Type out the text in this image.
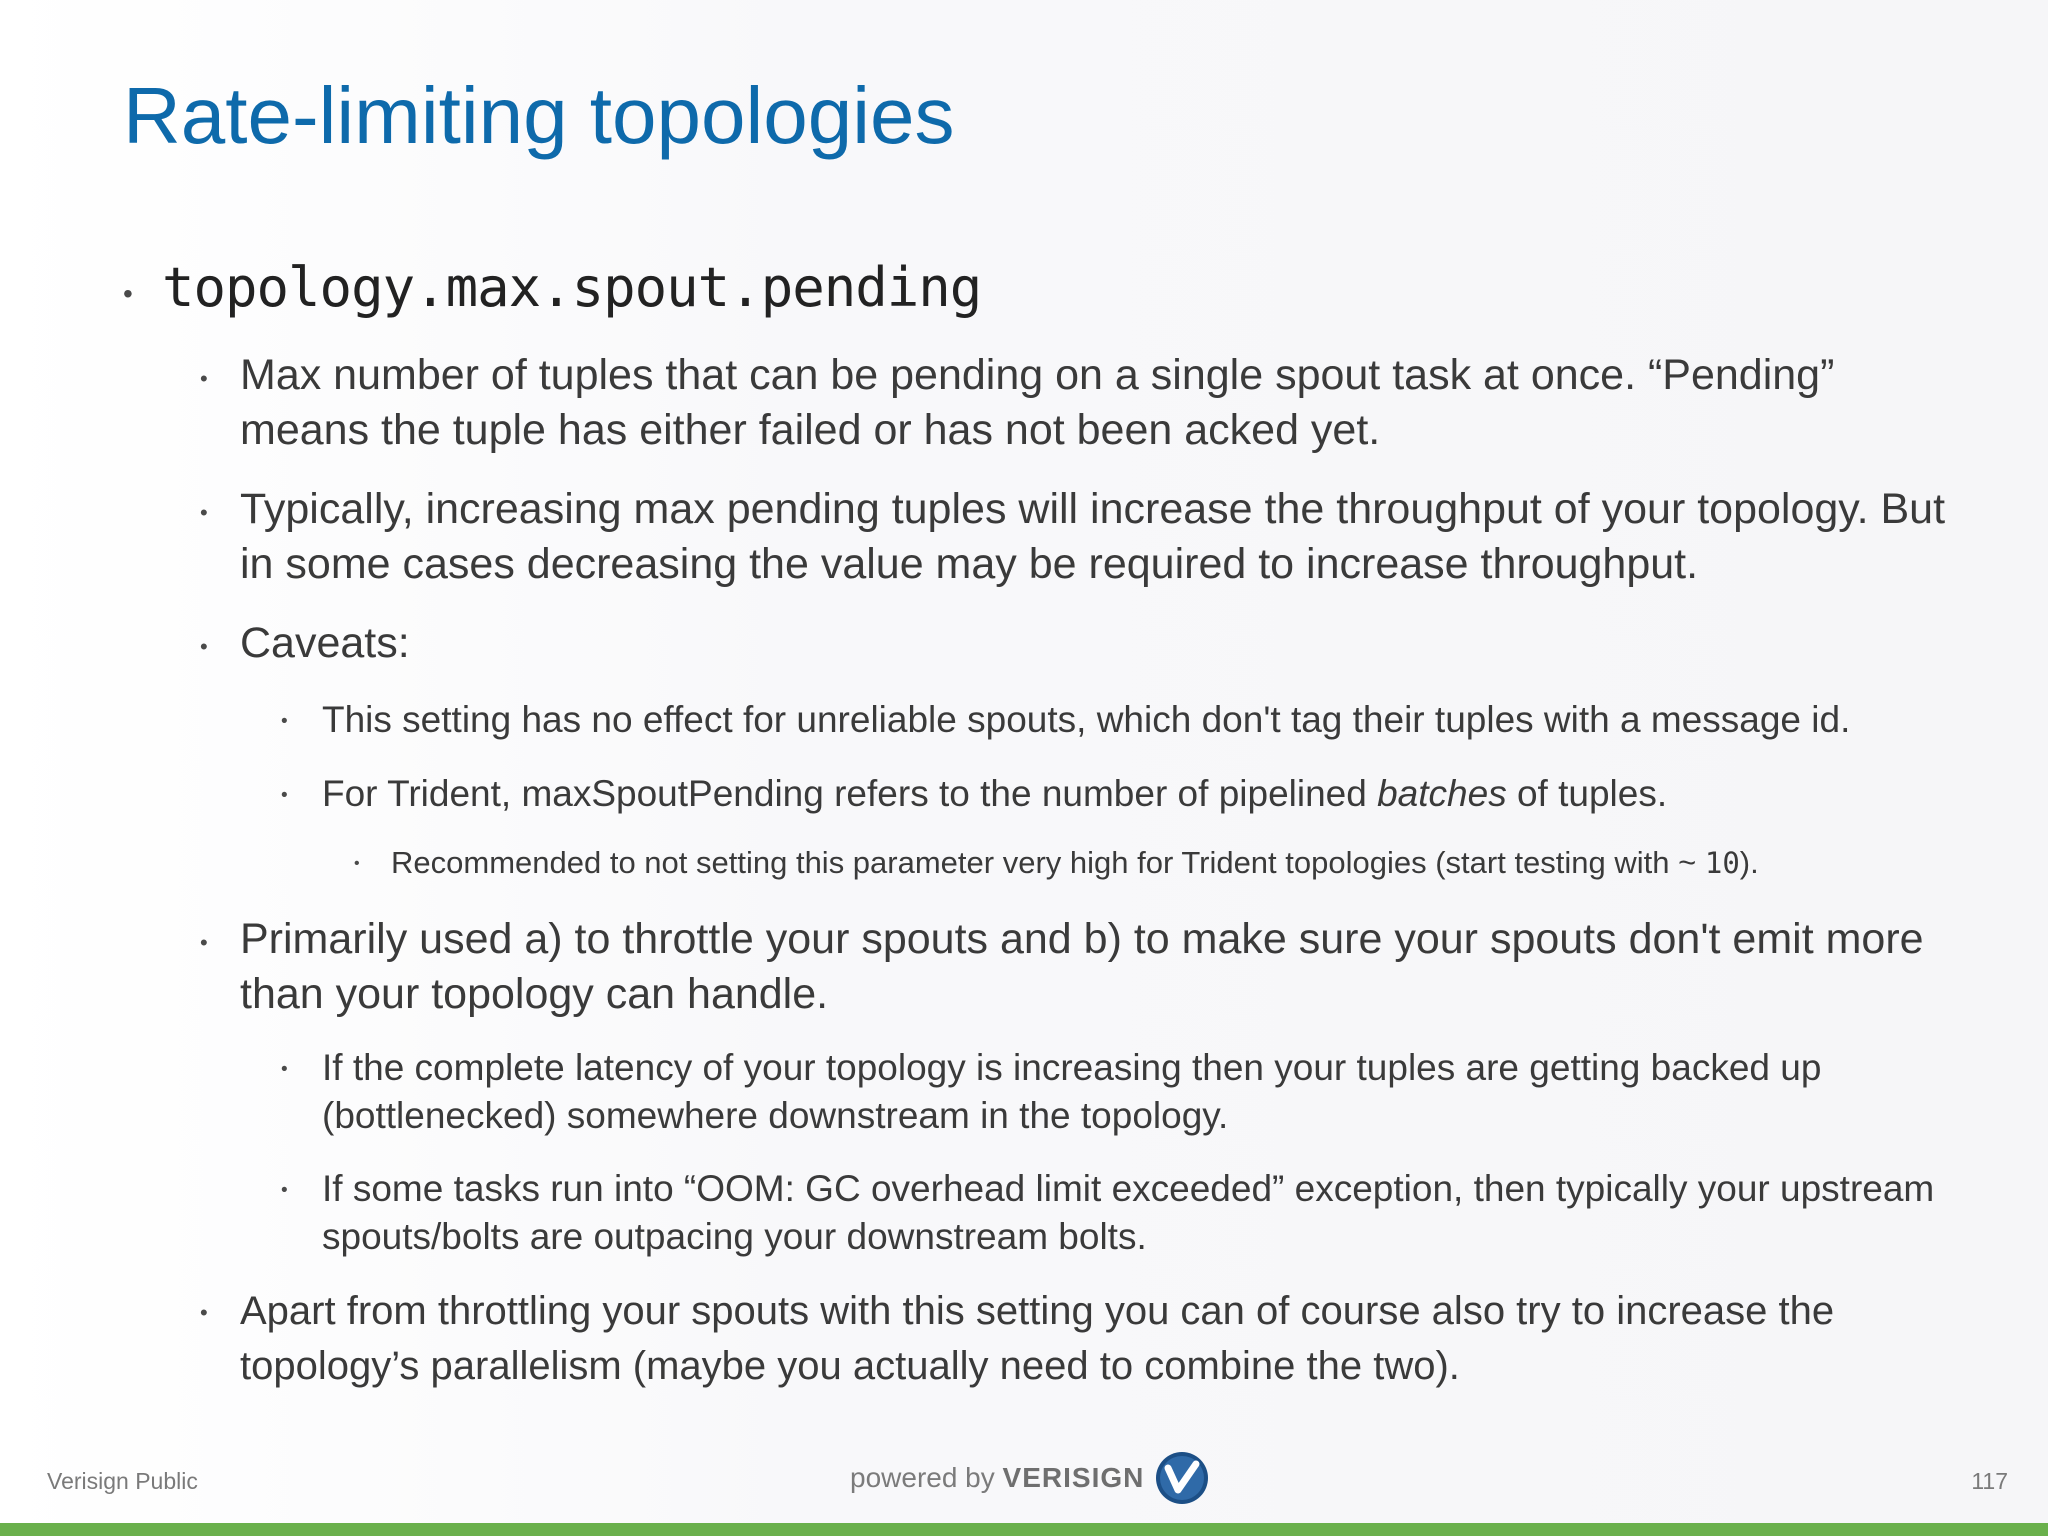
Rate-limiting topologies
• topology.max.spout.pending
• Max number of tuples that can be pending on a single spout task at once. “Pending” means the tuple has either failed or has not been acked yet.
• Typically, increasing max pending tuples will increase the throughput of your topology. But in some cases decreasing the value may be required to increase throughput.
• Caveats:
• This setting has no effect for unreliable spouts, which don't tag their tuples with a message id.
• For Trident, maxSpoutPending refers to the number of pipelined batches of tuples.
• Recommended to not setting this parameter very high for Trident topologies (start testing with ~ 10).
• Primarily used a) to throttle your spouts and b) to make sure your spouts don't emit more than your topology can handle.
• If the complete latency of your topology is increasing then your tuples are getting backed up (bottlenecked) somewhere downstream in the topology.
• If some tasks run into “OOM: GC overhead limit exceeded” exception, then typically your upstream spouts/bolts are outpacing your downstream bolts.
• Apart from throttling your spouts with this setting you can of course also try to increase the topology’s parallelism (maybe you actually need to combine the two).
Verisign Public	powered by VERISIGN	117
